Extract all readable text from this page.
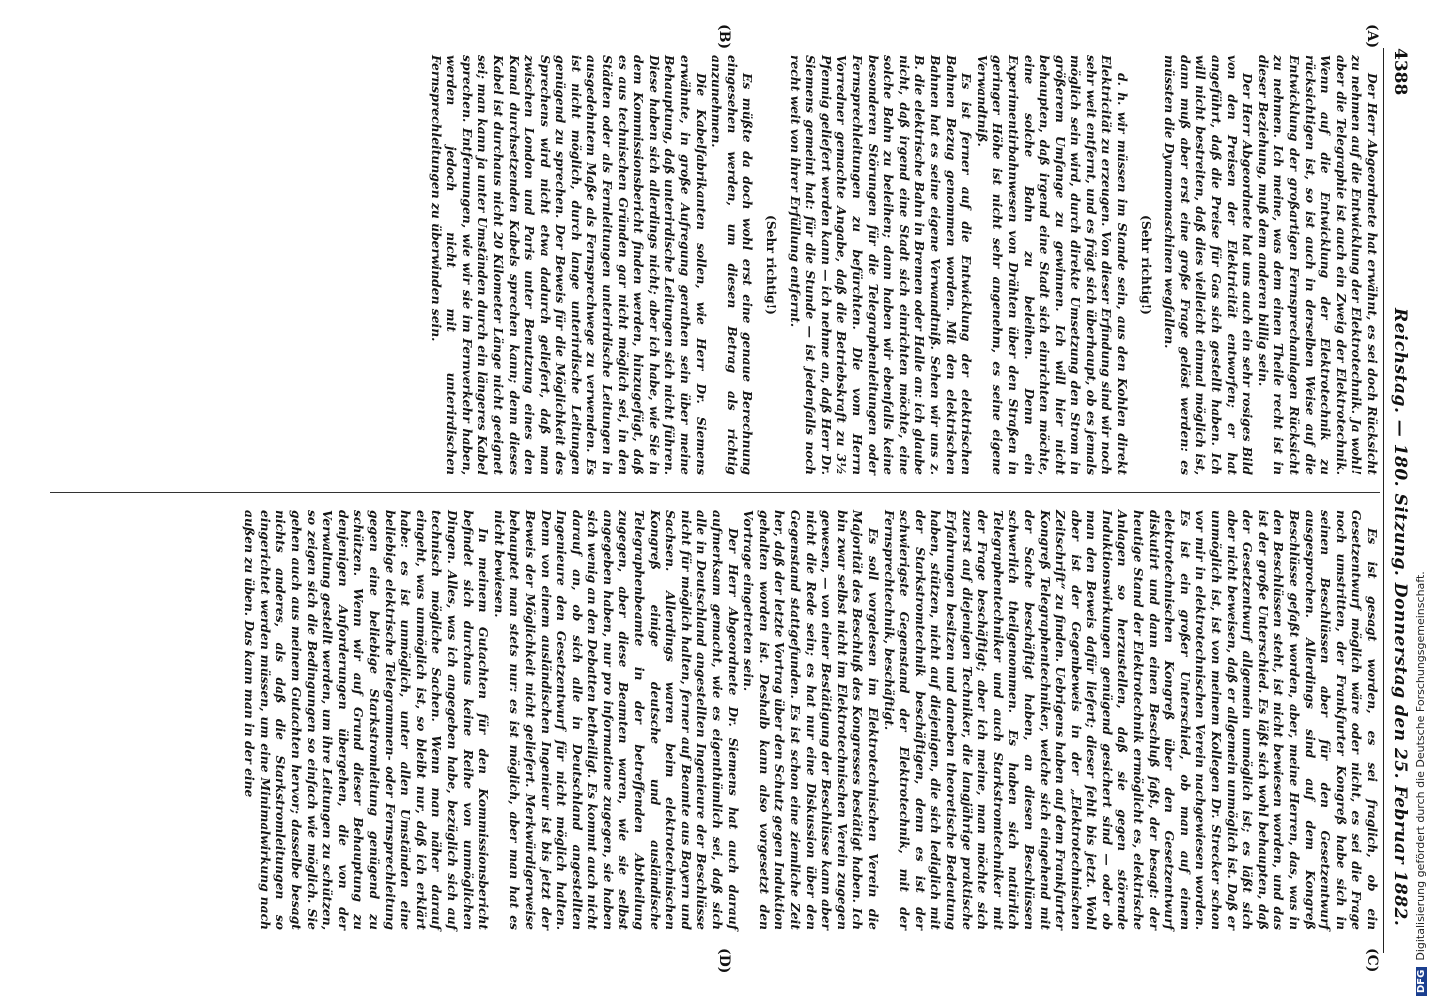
4388
Reichstag. — 180. Sitzung. Donnerstag den 25. Februar 1882.
(A)
(B)
(C)
(D)

Der Herr Abgeordnete hat erwähnt, es sei doch Rücksicht zu nehmen auf die Entwicklung der Elektrotechnik. Ja wohl! aber die Telegraphie ist auch ein Zweig der Elektrotechnik. Wenn auf die Entwicklung der Elektrotechnik zu rücksichtigen ist, so ist auch in derselben Weise auf die Entwicklung der großartigen Fernsprechanlagen Rücksicht zu nehmen. Ich meine, was dem einen Theile recht ist in dieser Beziehung, muß dem anderen billig sein.

Der Herr Abgeordnete hat uns auch ein sehr rosiges Bild von den Preisen der Elektricität entworfen; er hat angeführt, daß die Preise für Gas sich gestellt haben. Ich will nicht bestreiten, daß dies vielleicht einmal möglich ist, dann muß aber erst eine große Frage gelöst werden: es müssten die Dynamomaschinen wegfallen.

(Sehr richtig!)

d. h. wir müssen im Stande sein, aus den Kohlen direkt Elektricität zu erzeugen. Von dieser Erfindung sind wir noch sehr weit entfernt, und es frägt sich überhaupt, ob es jemals möglich sein wird, durch direkte Umsetzung den Strom in größerem Umfange zu gewinnen. Ich will hier nicht behaupten, daß irgend eine Stadt sich einrichten möchte, eine solche Bahn zu beleihen. Denn ein Experimentirbahnwesen von Drähten über den Straßen in geringer Höhe ist nicht sehr angenehm, es seine eigene Verwandtniß.

Es ist ferner auf die Entwicklung der elektrischen Bahnen Bezug genommen worden. Mit den elektrischen Bahnen hat es seine eigene Verwandtniß. Sehen wir uns z. B. die elektrische Bahn in Bremen oder Halle an: ich glaube nicht, daß irgend eine Stadt sich einrichten möchte, eine solche Bahn zu beleihen; dann haben wir ebenfalls keine besonderen Störungen für die Telegraphenleitungen oder Fernsprechleitungen zu befürchten. Die vom Herrn Vorredner gemachte Angabe, daß die Betriebskraft zu 3½ Pfennig geliefert werden kann — ich nehme an, daß Herr Dr. Siemens gemeint hat: für die Stunde — ist jedenfalls noch recht weit von ihrer Erfüllung entfernt.

(Sehr richtig!)

Es müßte da doch wohl erst eine genaue Berechnung eingesehen werden, um diesen Betrag als richtig anzunehmen.

Die Kabelfabrikanten sollen, wie Herr Dr. Siemens erwähnte, in große Aufregung gerathen sein über meine Behauptung, daß unterirdische Leitungen sich nicht führen. Diese haben sich allerdings nicht; aber ich habe, wie Sie in dem Kommissionsbericht finden werden, hinzugefügt, daß es aus technischen Gründen gar nicht möglich sei, in den Städten oder als Fernleitungen unterirdische Leitungen in ausgedehntem Maße als Fernsprechwege zu verwenden. Es ist nicht möglich, durch lange unterirdische Leitungen genügend zu sprechen. Der Beweis für die Möglichkeit des Sprechens wird nicht etwa dadurch geliefert, daß man zwischen London und Paris unter Benutzung eines den Kanal durchsetzenden Kabels sprechen kann; denn dieses Kabel ist durchaus nicht 20 Kilometer Länge nicht geeignet sei; man kann ja unter Umständen durch ein längeres Kabel sprechen. Entfernungen, wie wir sie im Fernverkehr haben, werden jedoch nicht mit unterirdischen Fernsprechleitungen zu überwinden sein.

Es ist gesagt worden, es sei fraglich, ob ein Gesetzentwurf möglich wäre oder nicht, es sei die Frage noch umstritten, der Frankfurter Kongreß habe sich in seinen Beschlüssen aber für den Gesetzentwurf ausgesprochen. Allerdings sind auf dem Kongreß Beschlüsse gefaßt worden, aber, meine Herren, das, was in den Beschlüssen steht, ist nicht bewiesen worden, und das ist der große Unterschied. Es läßt sich wohl behaupten, daß der Gesetzentwurf allgemein unmöglich ist; es läßt sich aber nicht beweisen, daß er allgemein unmöglich ist. Daß er unmöglich ist, ist von meinem Kollegen Dr. Strecker schon vor mir in elektrotechnischen Verein nachgewiesen worden. Es ist ein großer Unterschied, ob man auf einem elektrotechnischen Kongreß über den Gesetzentwurf diskutirt und dann einen Beschluß faßt, der besagt: der heutige Stand der Elektrotechnik ermöglicht es, elektrische Anlagen so herzustellen, daß sie gegen störende Induktionswirkungen genügend gesichert sind — oder ob man den Beweis dafür liefert; dieser fehlt bis jetzt. Wohl aber ist der Gegenbeweis in der „Elektrotechnischen Zeitschrift“ zu finden. Uebrigens haben auf dem Frankfurter Kongreß Telegraphentechniker, welche sich eingehend mit der Sache beschäftigt haben, an diesen Beschlüssen schwerlich theilgenommen. Es haben sich natürlich Telegraphentechniker und auch Starkstromtechniker mit der Frage beschäftigt; aber ich meine, man möchte sich zuerst auf diejenigen Techniker, die langjährige praktische Erfahrungen besitzen und daneben theoretische Bedeutung haben, stützen, nicht auf diejenigen, die sich lediglich mit der Starkstromtechnik beschäftigen, denn es ist der schwierigste Gegenstand der Elektrotechnik, mit der Fernsprechtechnik, beschäftigt.

Es soll vorgelesen im Elektrotechnischen Verein die Majorität des Beschluß des Kongresses bestätigt haben. Ich bin zwar selbst nicht im Elektrotechnischen Verein zugegen gewesen, — von einer Bestätigung der Beschlüsse kann aber nicht die Rede sein; es hat nur eine Diskussion über den Gegenstand stattgefunden. Es ist schon eine ziemliche Zeit her, daß der letzte Vortrag über den Schutz gegen Induktion gehalten worden ist. Deshalb kann also vorgesetzt den Vortrage eingetreten sein.

Der Herr Abgeordnete Dr. Siemens hat auch darauf aufmerksam gemacht, wie es eigenthümlich sei, daß sich alle in Deutschland angestellten Ingenieure der Beschlüsse nicht für möglich halten, ferner auf Beamte aus Bayern und Sachsen. Allerdings waren beim elektrotechnischen Kongreß einige deutsche und ausländische Telegraphenbeamte in der betreffenden Abtheilung zugegen, aber diese Beamten waren, wie sie selbst angegeben haben, nur pro informatione zugegen, sie haben sich wenig an den Debatten betheiligt. Es kommt auch nicht darauf an, ob sich alle in Deutschland angestellten Ingenieure den Gesetzentwurf für nicht möglich halten. Denn von einem ausländischen Ingenieur ist bis jetzt der Beweis der Möglichkeit nicht geliefert. Merkwürdigerweise behauptet man stets nur: es ist möglich, aber man hat es nicht bewiesen.

In meinem Gutachten für den Kommissionsbericht befindet sich durchaus keine Reihe von unmöglichen Dingen. Alles, was ich angegeben habe, bezüglich sich auf technisch mögliche Sachen. Wenn man näher darauf eingeht, was unmöglich ist, so bleibt nur, daß ich erklärt habe: es ist unmöglich, unter allen Umständen eine beliebige elektrische Telegrammen- oder Fernsprechleitung gegen eine beliebige Starkstromleitung genügend zu schützen. Wenn wir auf Grund dieser Behauptung zu denjenigen Anforderungen übergehen, die von der Verwaltung gestellt werden, um ihre Leitungen zu schützen, so zeigen sich die Bedingungen so einfach wie möglich. Sie gehen auch aus meinem Gutachten hervor; dasselbe besagt nichts anderes, als daß die Starkstromleitungen so eingerichtet werden müssen, um eine Minimalwirkung nach außen zu üben. Das kann man in der eine

DFGDigitalisierung gefördert durch die Deutsche Forschungsgemeinschaft.
